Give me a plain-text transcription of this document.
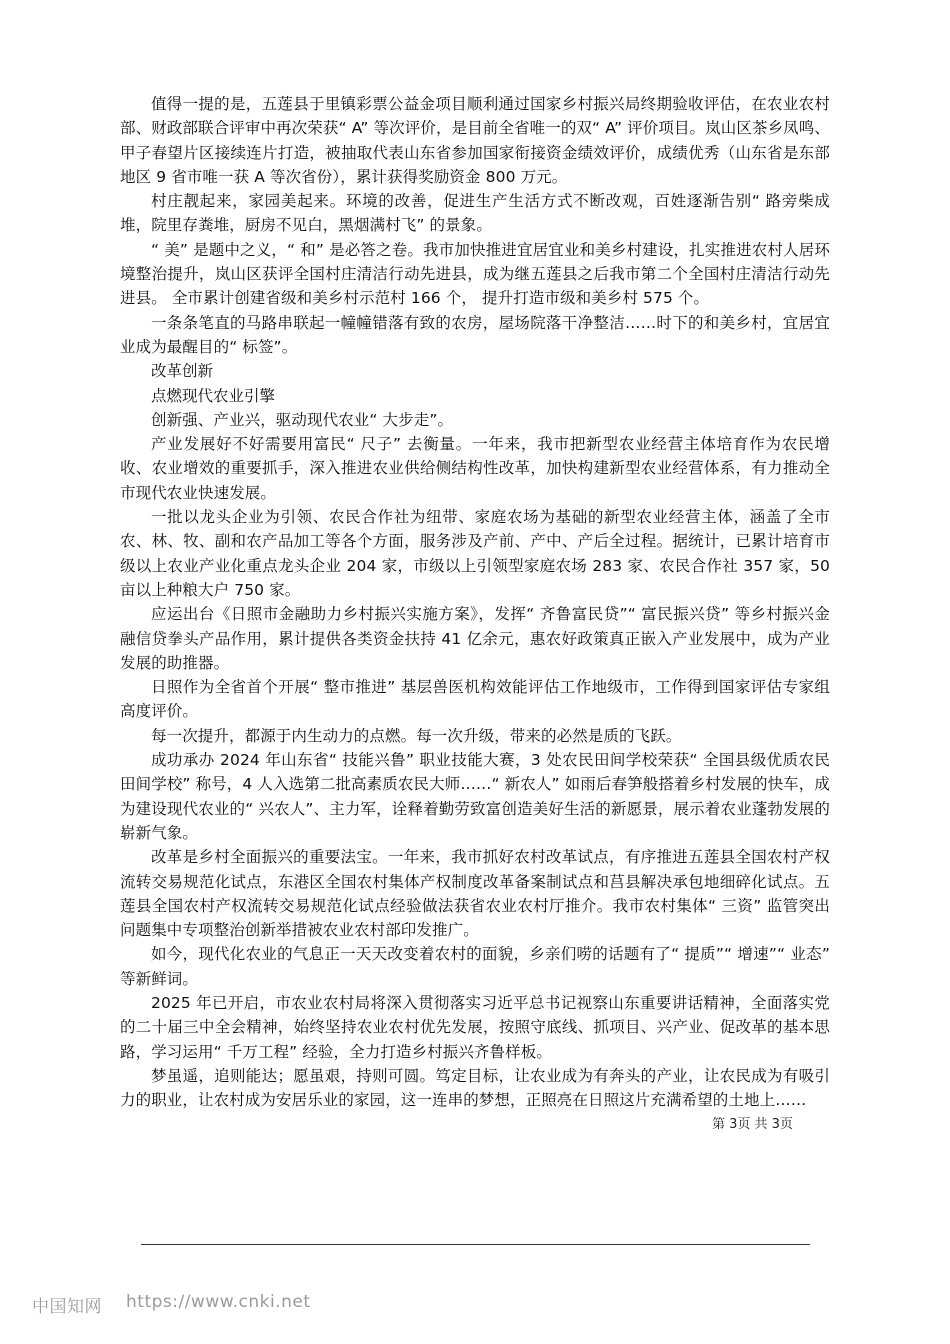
值得一提的是，五莲县于里镇彩票公益金项目顺利通过国家乡村振兴局终期验收评估，在农业农村部、财政部联合评审中再次荣获“ A” 等次评价，是目前全省唯一的双“ A” 评价项目。岚山区茶乡凤鸣、甲子春望片区接续连片打造，被抽取代表山东省参加国家衔接资金绩效评价，成绩优秀（山东省是东部地区 9 省市唯一获 A 等次省份），累计获得奖励资金 800 万元。

村庄靓起来，家园美起来。环境的改善，促进生产生活方式不断改观，百姓逐渐告别“ 路旁柴成堆，院里存粪堆，厨房不见白，黑烟满村飞” 的景象。

“ 美” 是题中之义，“ 和” 是必答之卷。我市加快推进宜居宜业和美乡村建设，扎实推进农村人居环境整治提升，岚山区获评全国村庄清洁行动先进县，成为继五莲县之后我市第二个全国村庄清洁行动先进县。 全市累计创建省级和美乡村示范村 166 个， 提升打造市级和美乡村 575 个。

一条条笔直的马路串联起一幢幢错落有致的农房，屋场院落干净整洁……时下的和美乡村，宜居宜业成为最醒目的“ 标签”。

改革创新

点燃现代农业引擎

创新强、产业兴，驱动现代农业“ 大步走”。

产业发展好不好需要用富民“ 尺子” 去衡量。一年来，我市把新型农业经营主体培育作为农民增收、农业增效的重要抓手，深入推进农业供给侧结构性改革，加快构建新型农业经营体系，有力推动全市现代农业快速发展。

一批以龙头企业为引领、农民合作社为纽带、家庭农场为基础的新型农业经营主体，涵盖了全市农、林、牧、副和农产品加工等各个方面，服务涉及产前、产中、产后全过程。据统计，已累计培育市级以上农业产业化重点龙头企业 204 家，市级以上引领型家庭农场 283 家、农民合作社 357 家，50 亩以上种粮大户 750 家。

应运出台《日照市金融助力乡村振兴实施方案》，发挥“ 齐鲁富民贷”“ 富民振兴贷” 等乡村振兴金融信贷拳头产品作用，累计提供各类资金扶持 41 亿余元，惠农好政策真正嵌入产业发展中，成为产业发展的助推器。

日照作为全省首个开展“ 整市推进” 基层兽医机构效能评估工作地级市，工作得到国家评估专家组高度评价。

每一次提升，都源于内生动力的点燃。每一次升级，带来的必然是质的飞跃。

成功承办 2024 年山东省“ 技能兴鲁” 职业技能大赛，3 处农民田间学校荣获“ 全国县级优质农民田间学校” 称号，4 人入选第二批高素质农民大师……“ 新农人” 如雨后春笋般搭着乡村发展的快车，成为建设现代农业的“ 兴农人”、主力军，诠释着勤劳致富创造美好生活的新愿景，展示着农业蓬勃发展的崭新气象。

改革是乡村全面振兴的重要法宝。一年来，我市抓好农村改革试点，有序推进五莲县全国农村产权流转交易规范化试点，东港区全国农村集体产权制度改革备案制试点和莒县解决承包地细碎化试点。五莲县全国农村产权流转交易规范化试点经验做法获省农业农村厅推介。我市农村集体“ 三资” 监管突出问题集中专项整治创新举措被农业农村部印发推广。

如今，现代化农业的气息正一天天改变着农村的面貌，乡亲们唠的话题有了“ 提质”“ 增速”“ 业态” 等新鲜词。

2025 年已开启，市农业农村局将深入贯彻落实习近平总书记视察山东重要讲话精神，全面落实党的二十届三中全会精神，始终坚持农业农村优先发展，按照守底线、抓项目、兴产业、促改革的基本思路，学习运用“ 千万工程” 经验，全力打造乡村振兴齐鲁样板。

梦虽遥，追则能达；愿虽艰，持则可圆。笃定目标，让农业成为有奔头的产业，让农民成为有吸引力的职业，让农村成为安居乐业的家园，这一连串的梦想，正照亮在日照这片充满希望的土地上……

第 3页 共 3页
中国知网 https://www.cnki.net
